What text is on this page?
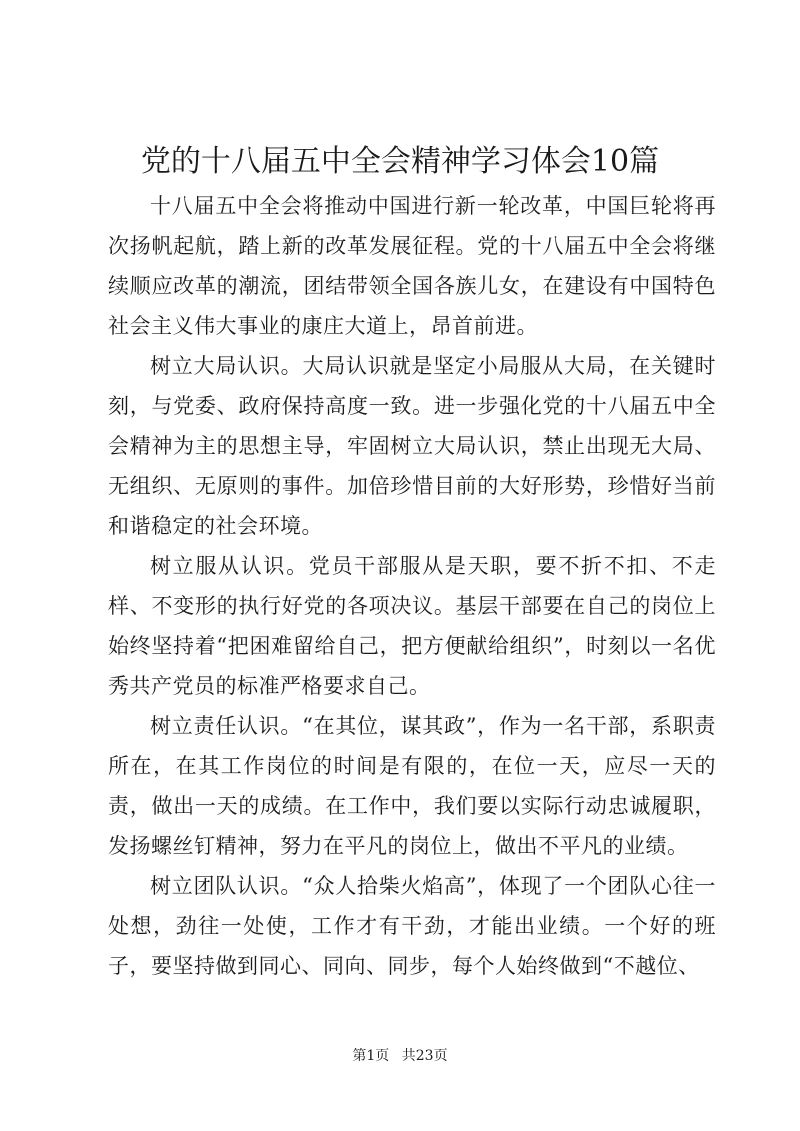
党的十八届五中全会精神学习体会10篇

十八届五中全会将推动中国进行新一轮改革，中国巨轮将再次扬帆起航，踏上新的改革发展征程。党的十八届五中全会将继续顺应改革的潮流，团结带领全国各族儿女，在建设有中国特色社会主义伟大事业的康庄大道上，昂首前进。

树立大局认识。大局认识就是坚定小局服从大局，在关键时刻，与党委、政府保持高度一致。进一步强化党的十八届五中全会精神为主的思想主导，牢固树立大局认识，禁止出现无大局、无组织、无原则的事件。加倍珍惜目前的大好形势，珍惜好当前和谐稳定的社会环境。

树立服从认识。党员干部服从是天职，要不折不扣、不走样、不变形的执行好党的各项决议。基层干部要在自己的岗位上始终坚持着“把困难留给自己，把方便献给组织”，时刻以一名优秀共产党员的标准严格要求自己。

树立责任认识。“在其位，谋其政”，作为一名干部，系职责所在，在其工作岗位的时间是有限的，在位一天，应尽一天的责，做出一天的成绩。在工作中，我们要以实际行动忠诚履职，发扬螺丝钉精神，努力在平凡的岗位上，做出不平凡的业绩。

树立团队认识。“众人拾柴火焰高”，体现了一个团队心往一处想，劲往一处使，工作才有干劲，才能出业绩。一个好的班子，要坚持做到同心、同向、同步，每个人始终做到“不越位、

第1页 共23页
